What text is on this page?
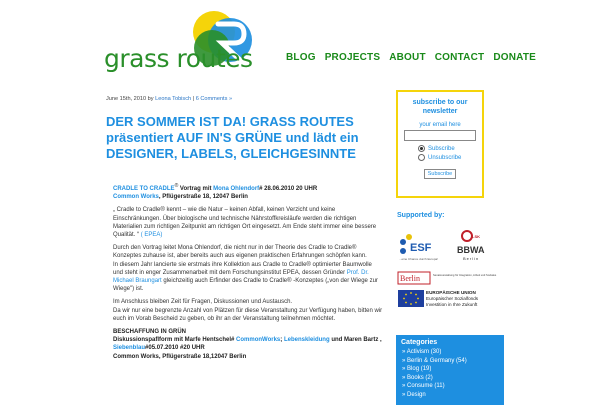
grass routes	BLOG PROJECTS ABOUT CONTACT DONATE
June 15th, 2010 by Leona Tobisch | 6 Comments »
DER SOMMER IST DA! GRASS ROUTES präsentiert AUF IN'S GRÜNE und lädt ein DESIGNER, LABELS, GLEICHGESINNTE

CRADLE TO CRADLE® Vortrag mit Mona Ohlendorf# 28.06.2010 20 UHR
Common Works, Pflügerstraße 18, 12047 Berlin

„ Cradle to Cradle® kennt – wie die Natur – keinen Abfall, keinen Verzicht und keine Einschränkungen. Über biologische und technische Nährstoffkreisläufe werden die richtigen Materialien zum richtigen Zeitpunkt am richtigen Ort eingesetzt. Am Ende steht immer eine bessere Qualität. “ ( EPEA)

Durch den Vortrag leitet Mona Ohlendorf, die nicht nur in der Theorie des Cradle to Cradle® Konzeptes zuhause ist, aber bereits auch aus eigenen praktischen Erfahrungen schöpfen kann.
In diesem Jahr lancierte sie erstmals ihre Kollektion aus Cradle to Cradle® optimierter Baumwolle und steht in enger Zusammenarbeit mit dem Forschungsinstitut EPEA, dessen Gründer Prof. Dr. Michael Braungart gleichzeitig auch Erfinder des Cradle to Cradle® -Konzeptes („von der Wiege zur Wiege") ist.

Im Anschluss bleiben Zeit für Fragen, Diskussionen und Austausch.
Da wir nur eine begrenzte Anzahl von Plätzen für diese Veranstaltung zur Verfügung haben, bitten wir euch im Vorab Bescheid zu geben, ob ihr an der Veranstaltung teilnehmen möchtet.

BESCHAFFUNG IN GRÜN
Diskussionspaflform mit Marfe Hentschel# CommonWorks; Lebenskleidung und Maren Bartz , Siebenblau#05.07.2010 #20 UHR
Common Works, Pflügerstraße 18,12047 Berlin

subscribe to our newsletter
your email here
Subscribe
Unsubscribe
Subscribe
Supported by:
ESF
...eine Chance durch Europa!
LSK
BBWA
Berlin
Berlin	Senatsverwaltung für Integration, Arbeit und Soziales
EUROPÄISCHE UNION
Europäischer Sozialfonds
Investition in Ihre Zukunft
Categories
» Activism (30)
» Berlin & Germany (54)
» Blog (19)
» Books (2)
» Consume (11)
» Design
